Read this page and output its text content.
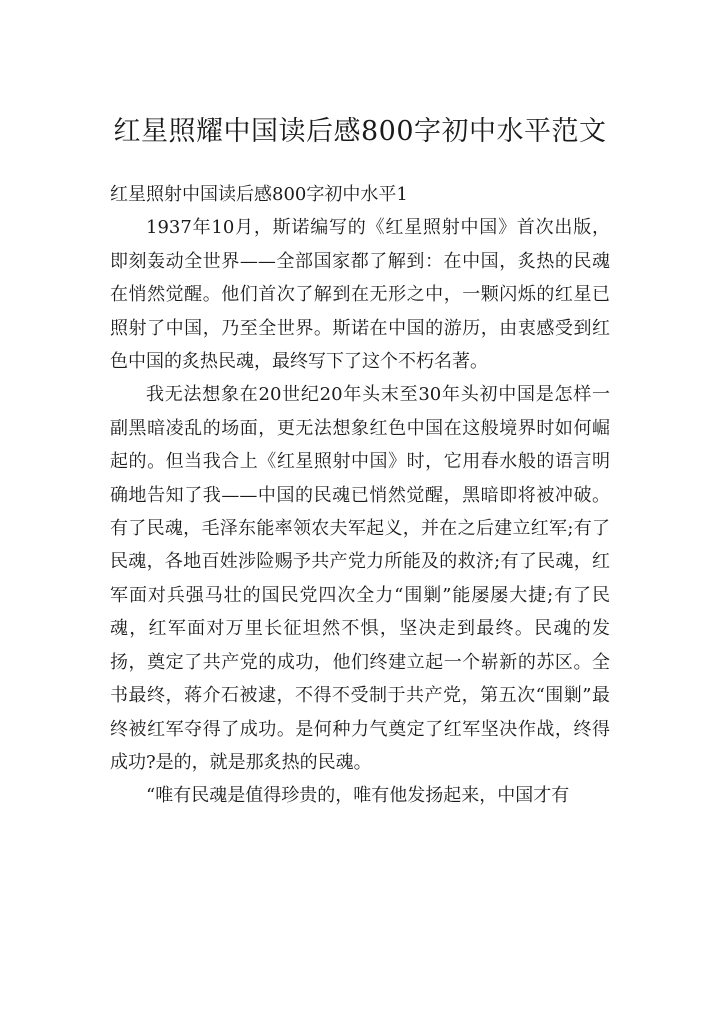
红星照耀中国读后感800字初中水平范文

红星照射中国读后感800字初中水平1

1937年10月，斯诺编写的《红星照射中国》首次出版，即刻轰动全世界——全部国家都了解到：在中国，炙热的民魂在悄然觉醒。他们首次了解到在无形之中，一颗闪烁的红星已照射了中国，乃至全世界。斯诺在中国的游历，由衷感受到红色中国的炙热民魂，最终写下了这个不朽名著。

我无法想象在20世纪20年头末至30年头初中国是怎样一副黑暗凌乱的场面，更无法想象红色中国在这般境界时如何崛起的。但当我合上《红星照射中国》时，它用春水般的语言明确地告知了我——中国的民魂已悄然觉醒，黑暗即将被冲破。有了民魂，毛泽东能率领农夫军起义，并在之后建立红军;有了民魂，各地百姓涉险赐予共产党力所能及的救济;有了民魂，红军面对兵强马壮的国民党四次全力“围剿”能屡屡大捷;有了民魂，红军面对万里长征坦然不惧，坚决走到最终。民魂的发扬，奠定了共产党的成功，他们终建立起一个崭新的苏区。全书最终，蒋介石被逮，不得不受制于共产党，第五次“围剿”最终被红军夺得了成功。是何种力气奠定了红军坚决作战，终得成功?是的，就是那炙热的民魂。

“唯有民魂是值得珍贵的，唯有他发扬起来，中国才有
